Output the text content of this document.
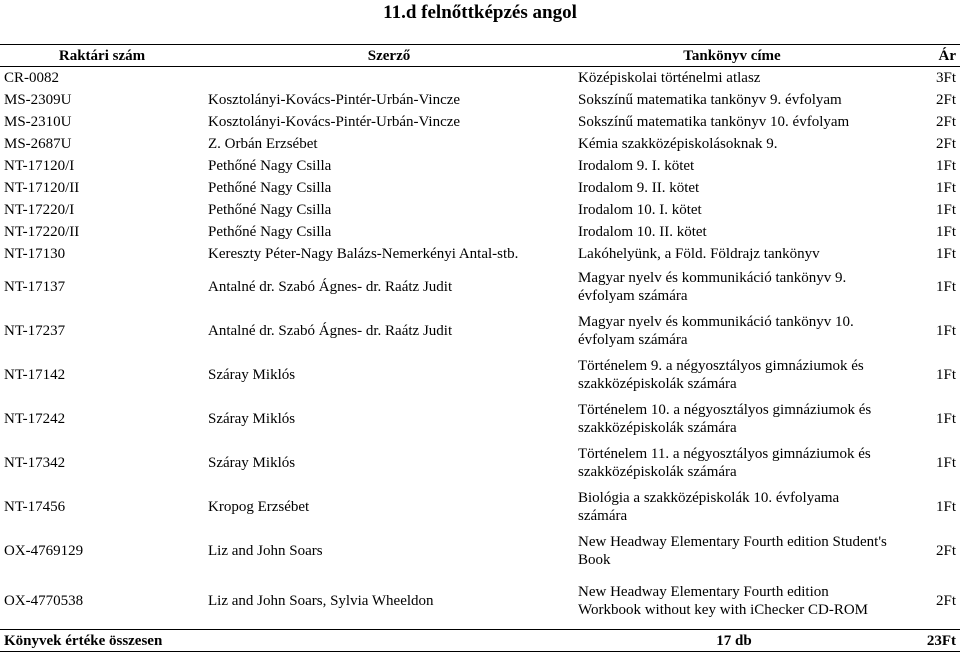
11.d felnőttképzés angol
Raktári szám	Szerző	Tankönyv címe	Ár
CR-0082		Középiskolai történelmi atlasz	3Ft
MS-2309U	Kosztolányi-Kovács-Pintér-Urbán-Vincze	Sokszínű matematika tankönyv 9. évfolyam	2Ft
MS-2310U	Kosztolányi-Kovács-Pintér-Urbán-Vincze	Sokszínű matematika tankönyv 10. évfolyam	2Ft
MS-2687U	Z. Orbán Erzsébet	Kémia szakközépiskolásoknak 9.	2Ft
NT-17120/I	Pethőné Nagy Csilla	Irodalom 9. I. kötet	1Ft
NT-17120/II	Pethőné Nagy Csilla	Irodalom 9. II. kötet	1Ft
NT-17220/I	Pethőné Nagy Csilla	Irodalom 10. I. kötet	1Ft
NT-17220/II	Pethőné Nagy Csilla	Irodalom 10. II. kötet	1Ft
NT-17130	Kereszty Péter-Nagy Balázs-Nemerkényi Antal-stb.	Lakóhelyünk, a Föld. Földrajz tankönyv	1Ft
NT-17137	Antalné dr. Szabó Ágnes- dr. Raátz Judit	Magyar nyelv és kommunikáció tankönyv 9. évfolyam számára	1Ft
NT-17237	Antalné dr. Szabó Ágnes- dr. Raátz Judit	Magyar nyelv és kommunikáció tankönyv 10. évfolyam számára	1Ft
NT-17142	Száray Miklós	Történelem 9. a négyosztályos gimnáziumok és szakközépiskolák számára	1Ft
NT-17242	Száray Miklós	Történelem 10. a négyosztályos gimnáziumok és szakközépiskolák számára	1Ft
NT-17342	Száray Miklós	Történelem 11. a négyosztályos gimnáziumok és szakközépiskolák számára	1Ft
NT-17456	Kropog Erzsébet	Biológia a szakközépiskolák 10. évfolyama számára	1Ft
OX-4769129	Liz and John Soars	New Headway Elementary Fourth edition Student's Book	2Ft
OX-4770538	Liz and John Soars, Sylvia Wheeldon	New Headway Elementary Fourth edition Workbook without key with iChecker CD-ROM	2Ft
Könyvek értéke összesen		17 db	23Ft
